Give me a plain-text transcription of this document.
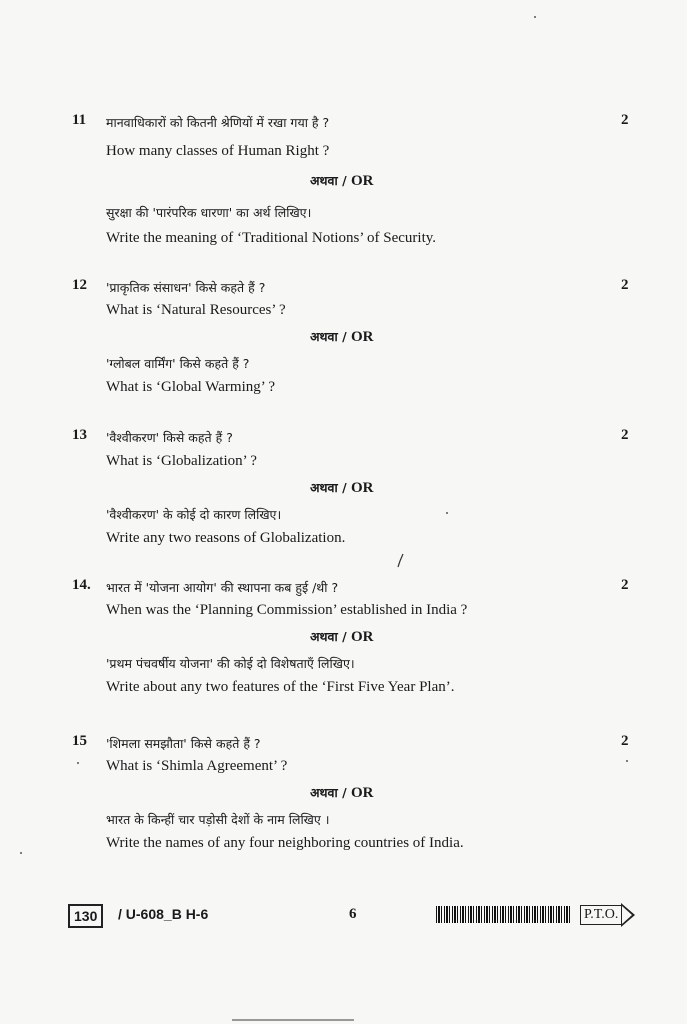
11	2
मानवाधिकारों को कितनी श्रेणियों में रखा गया है ?
How many classes of Human Right ?
अथवा / OR
सुरक्षा की 'पारंपरिक धारणा' का अर्थ लिखिए।
Write the meaning of ‘Traditional Notions’ of Security.
12	2
'प्राकृतिक संसाधन' किसे कहते हैं ?
What is ‘Natural Resources’ ?
अथवा / OR
'ग्लोबल वार्मिंग' किसे कहते हैं ?
What is ‘Global Warming’ ?
13	2
'वैश्वीकरण' किसे कहते हैं ?
What is ‘Globalization’ ?
अथवा / OR
'वैश्वीकरण' के कोई दो कारण लिखिए।
Write any two reasons of Globalization.
14.	2
भारत में 'योजना आयोग' की स्थापना कब हुई /थी ?
When was the ‘Planning Commission’ established in India ?
अथवा / OR
'प्रथम पंचवर्षीय योजना' की कोई दो विशेषताएँ लिखिए।
Write about any two features of the ‘First Five Year Plan’.
15	2
'शिमला समझौता' किसे कहते हैं ?
What is ‘Shimla Agreement’ ?
अथवा / OR
भारत के किन्हीं चार पड़ोसी देशों के नाम लिखिए ।
Write the names of any four neighboring countries of India.
130	/ U-608_B H-6	6	P.T.O.
